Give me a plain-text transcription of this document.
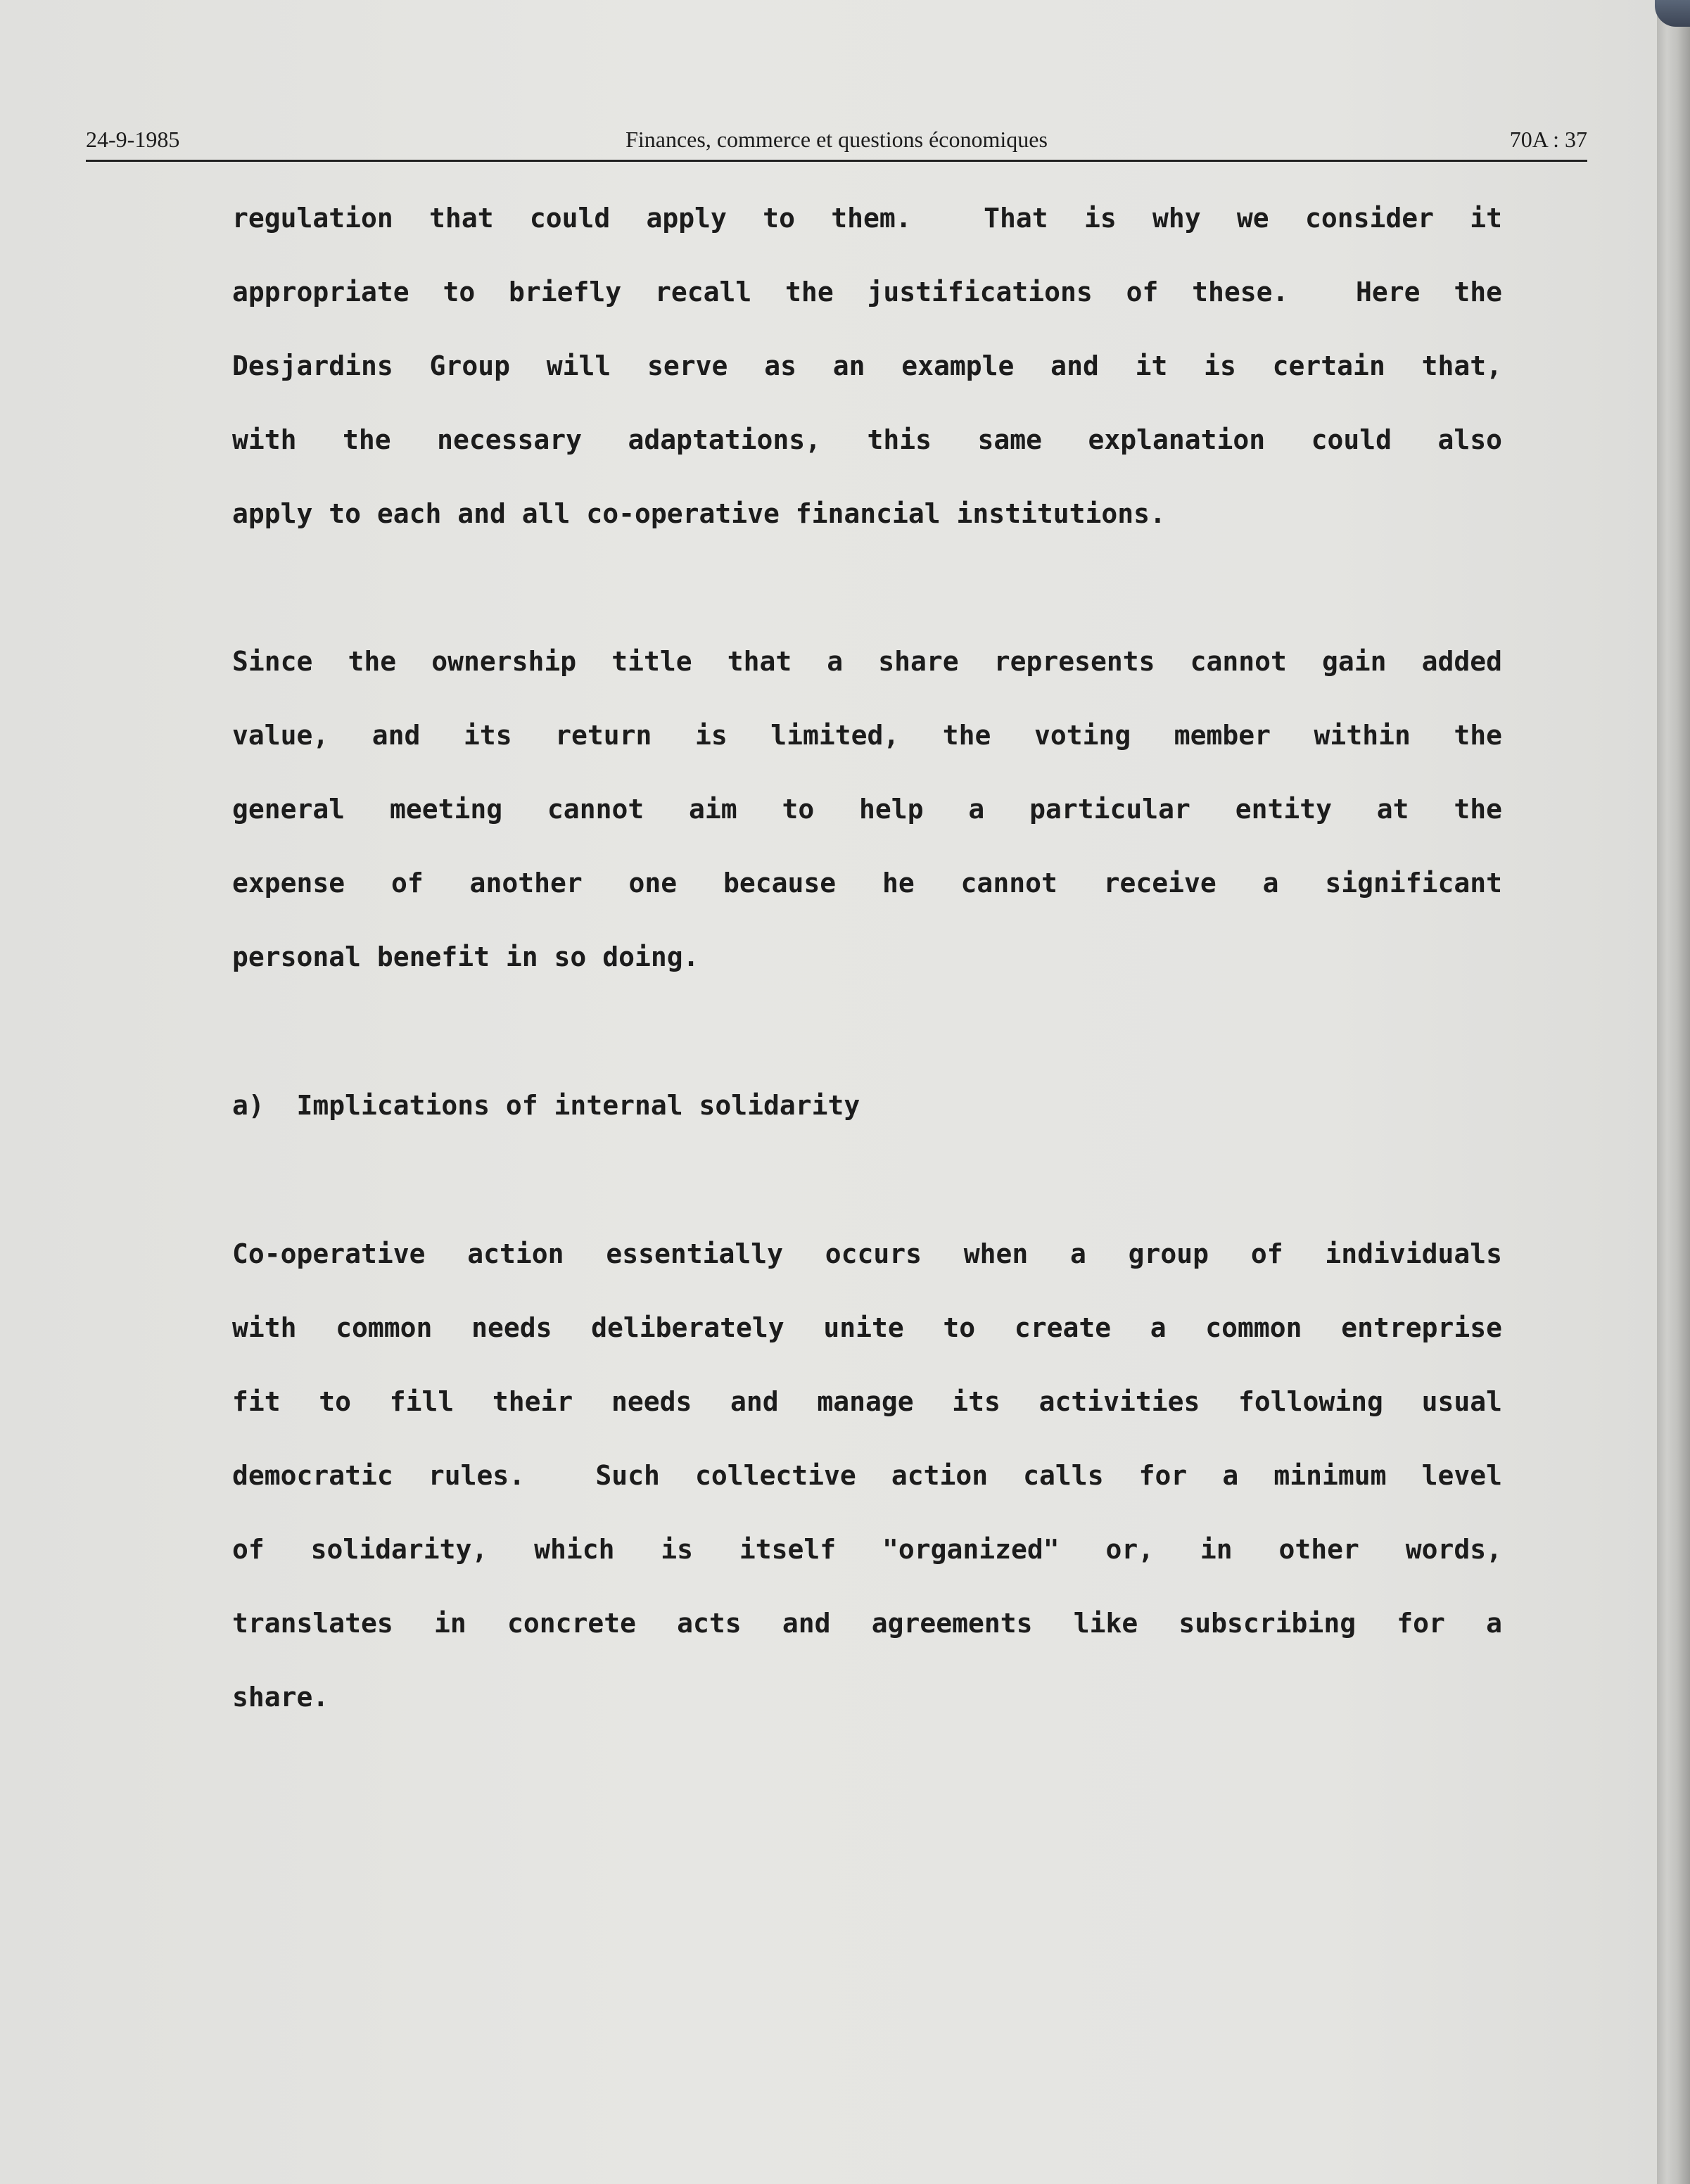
24-9-1985	Finances, commerce et questions économiques	70A : 37
regulation that could apply to them.  That is why we consider it
appropriate to briefly recall the justifications of these.  Here the
Desjardins Group will serve as an example and it is certain that,
with the necessary adaptations, this same explanation could also
apply to each and all co-operative financial institutions.
Since the ownership title that a share represents cannot gain added
value, and its return is limited, the voting member within the
general meeting cannot aim to help a particular entity at the
expense of another one because he cannot receive a significant
personal benefit in so doing.
a)  Implications of internal solidarity
Co-operative action essentially occurs when a group of individuals
with common needs deliberately unite to create a common entreprise
fit to fill their needs and manage its activities following usual
democratic rules.  Such collective action calls for a minimum level
of solidarity, which is itself "organized" or, in other words,
translates in concrete acts and agreements like subscribing for a
share.
